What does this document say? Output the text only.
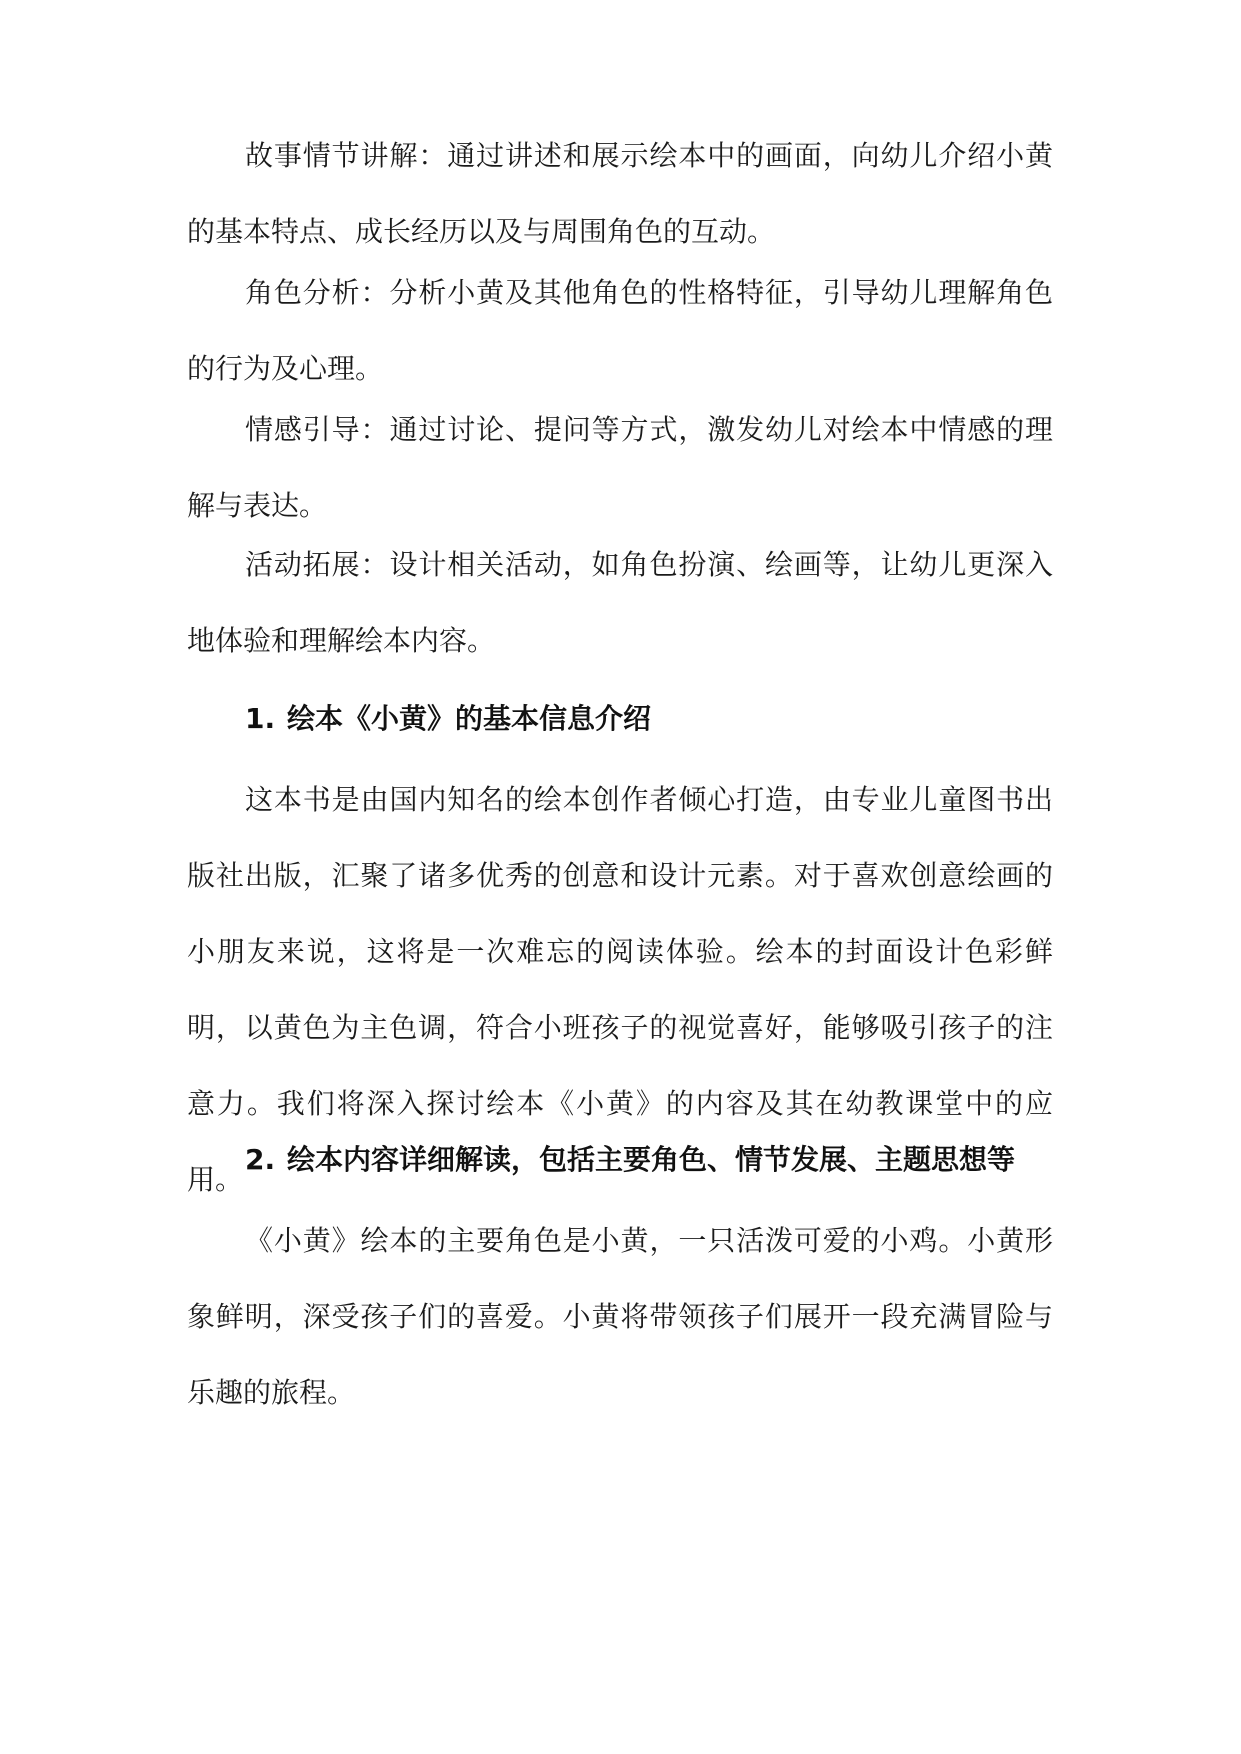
故事情节讲解：通过讲述和展示绘本中的画面，向幼儿介绍小黄的基本特点、成长经历以及与周围角色的互动。

角色分析：分析小黄及其他角色的性格特征，引导幼儿理解角色的行为及心理。

情感引导：通过讨论、提问等方式，激发幼儿对绘本中情感的理解与表达。

活动拓展：设计相关活动，如角色扮演、绘画等，让幼儿更深入地体验和理解绘本内容。

1. 绘本《小黄》的基本信息介绍

这本书是由国内知名的绘本创作者倾心打造，由专业儿童图书出版社出版，汇聚了诸多优秀的创意和设计元素。对于喜欢创意绘画的小朋友来说，这将是一次难忘的阅读体验。绘本的封面设计色彩鲜明，以黄色为主色调，符合小班孩子的视觉喜好，能够吸引孩子的注意力。我们将深入探讨绘本《小黄》的内容及其在幼教课堂中的应用。

2. 绘本内容详细解读，包括主要角色、情节发展、主题思想等

《小黄》绘本的主要角色是小黄，一只活泼可爱的小鸡。小黄形象鲜明，深受孩子们的喜爱。小黄将带领孩子们展开一段充满冒险与乐趣的旅程。
